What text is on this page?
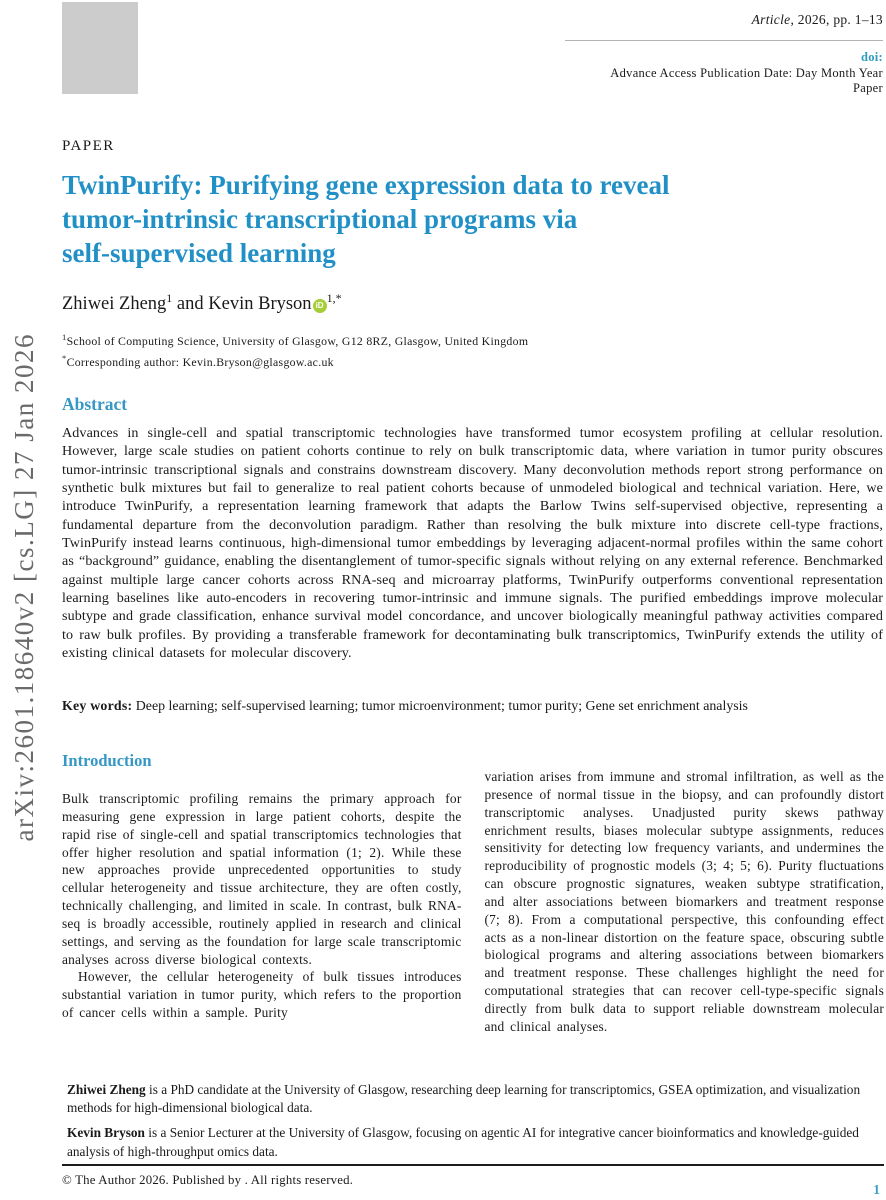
arXiv:2601.18640v2 [cs.LG] 27 Jan 2026
Article, 2026, pp. 1–13
doi:
Advance Access Publication Date: Day Month Year
Paper
PAPER
TwinPurify: Purifying gene expression data to reveal
tumor-intrinsic transcriptional programs via
self-supervised learning
Zhiwei Zheng$^1$ and Kevin Bryson $iD^{1,*}$
$^1$School of Computing Science, University of Glasgow, G12 8RZ, Glasgow, United Kingdom
*Corresponding author: Kevin.Bryson@glasgow.ac.uk
Abstract
Advances in single-cell and spatial transcriptomic technologies have transformed tumor ecosystem profiling at cellular resolution. However, large scale studies on patient cohorts continue to rely on bulk transcriptomic data, where variation in tumor purity obscures tumor-intrinsic transcriptional signals and constrains downstream discovery. Many deconvolution methods report strong performance on synthetic bulk mixtures but fail to generalize to real patient cohorts because of unmodeled biological and technical variation. Here, we introduce TwinPurify, a representation learning framework that adapts the Barlow Twins self-supervised objective, representing a fundamental departure from the deconvolution paradigm. Rather than resolving the bulk mixture into discrete cell-type fractions, TwinPurify instead learns continuous, high-dimensional tumor embeddings by leveraging adjacent-normal profiles within the same cohort as “background” guidance, enabling the disentanglement of tumor-specific signals without relying on any external reference. Benchmarked against multiple large cancer cohorts across RNA-seq and microarray platforms, TwinPurify outperforms conventional representation learning baselines like auto-encoders in recovering tumor-intrinsic and immune signals. The purified embeddings improve molecular subtype and grade classification, enhance survival model concordance, and uncover biologically meaningful pathway activities compared to raw bulk profiles. By providing a transferable framework for decontaminating bulk transcriptomics, TwinPurify extends the utility of existing clinical datasets for molecular discovery.
Key words: Deep learning; self-supervised learning; tumor microenvironment; tumor purity; Gene set enrichment analysis
Introduction

Bulk transcriptomic profiling remains the primary approach for measuring gene expression in large patient cohorts, despite the rapid rise of single-cell and spatial transcriptomics technologies that offer higher resolution and spatial information (1; 2). While these new approaches provide unprecedented opportunities to study cellular heterogeneity and tissue architecture, they are often costly, technically challenging, and limited in scale. In contrast, bulk RNA-seq is broadly accessible, routinely applied in research and clinical settings, and serving as the foundation for large scale transcriptomic analyses across diverse biological contexts.

However, the cellular heterogeneity of bulk tissues introduces substantial variation in tumor purity, which refers to the proportion of cancer cells within a sample. Purity

variation arises from immune and stromal infiltration, as well as the presence of normal tissue in the biopsy, and can profoundly distort transcriptomic analyses. Unadjusted purity skews pathway enrichment results, biases molecular subtype assignments, reduces sensitivity for detecting low frequency variants, and undermines the reproducibility of prognostic models (3; 4; 5; 6). Purity fluctuations can obscure prognostic signatures, weaken subtype stratification, and alter associations between biomarkers and treatment response (7; 8). From a computational perspective, this confounding effect acts as a non-linear distortion on the feature space, obscuring subtle biological programs and altering associations between biomarkers and treatment response. These challenges highlight the need for computational strategies that can recover cell-type-specific signals directly from bulk data to support reliable downstream molecular and clinical analyses.

Zhiwei Zheng is a PhD candidate at the University of Glasgow, researching deep learning for transcriptomics, GSEA optimization, and visualization methods for high-dimensional biological data.

Kevin Bryson is a Senior Lecturer at the University of Glasgow, focusing on agentic AI for integrative cancer bioinformatics and knowledge-guided analysis of high-throughput omics data.

© The Author 2026. Published by . All rights reserved.
1
